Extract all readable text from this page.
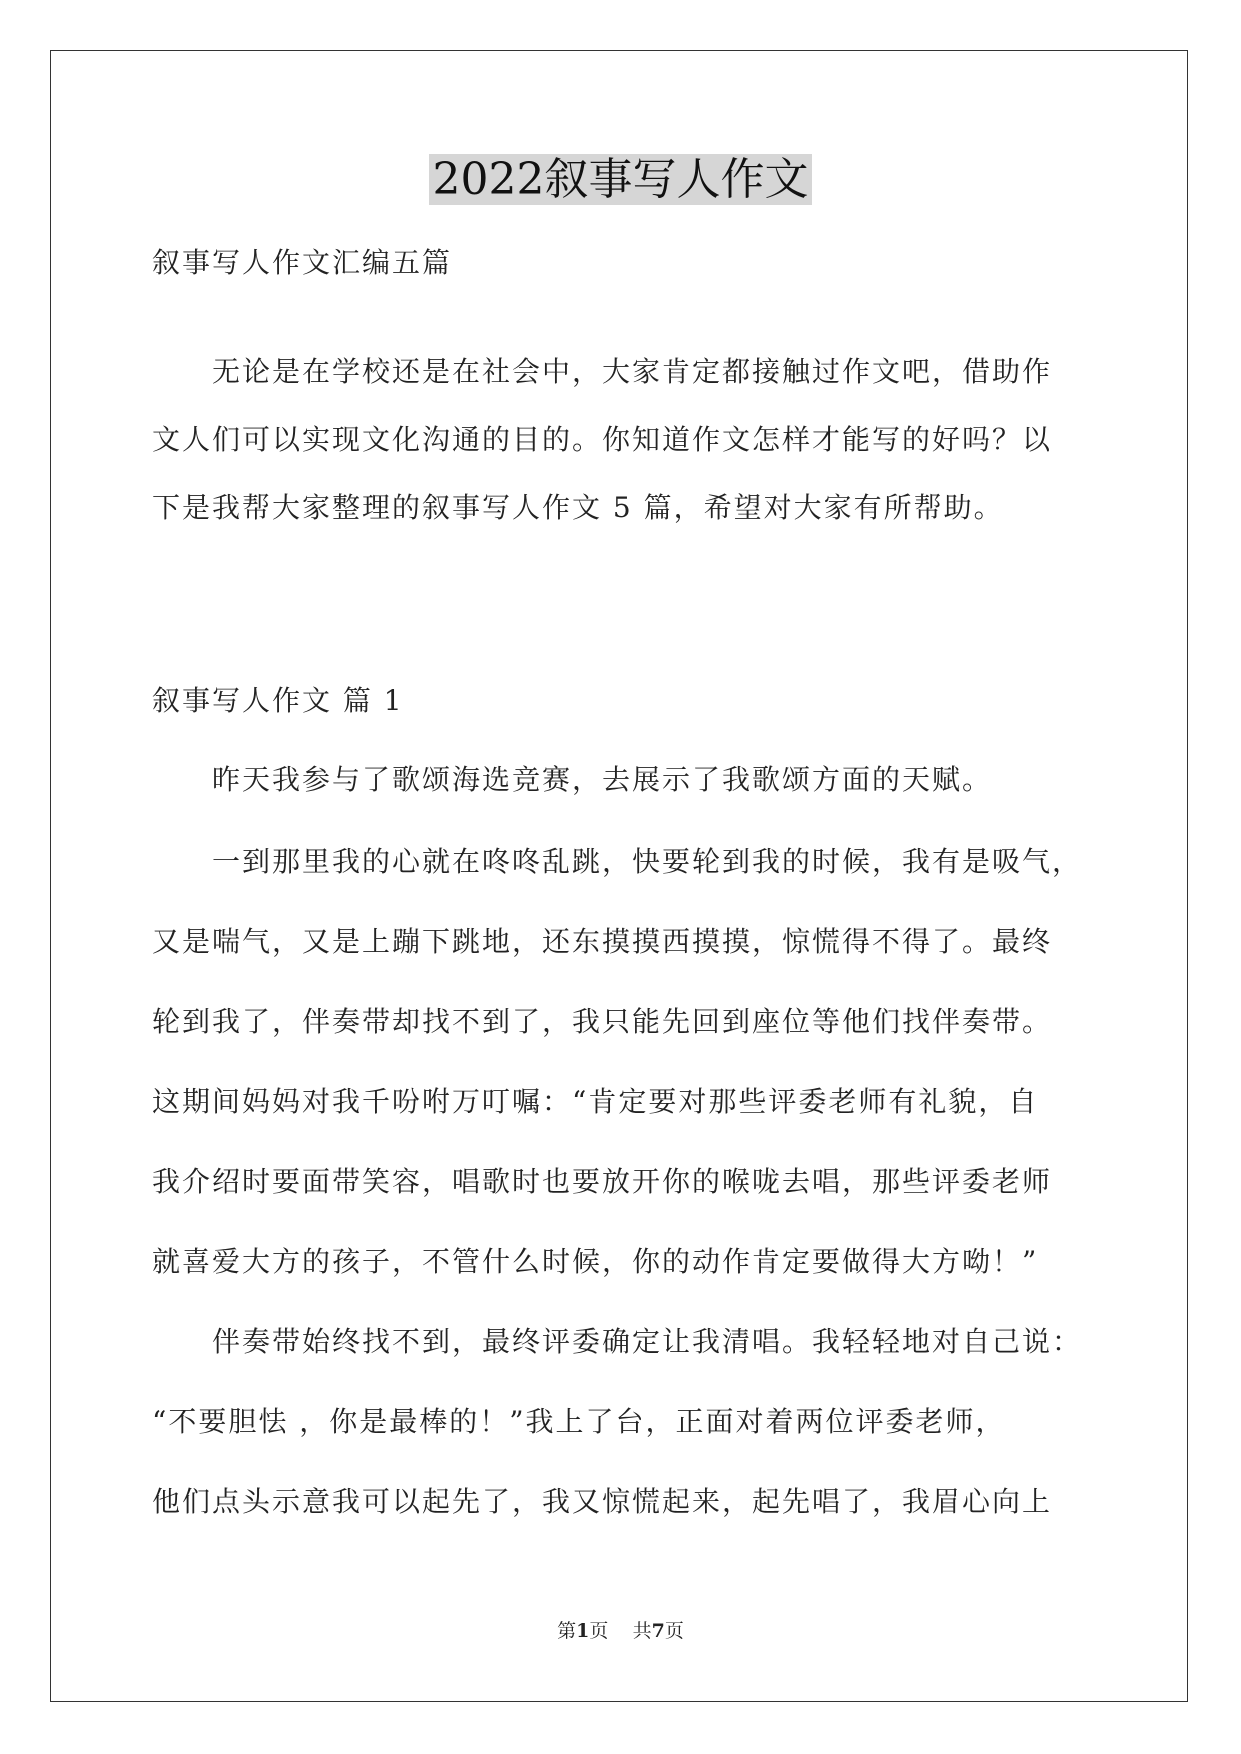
2022叙事写人作文
叙事写人作文汇编五篇
无论是在学校还是在社会中，大家肯定都接触过作文吧，借助作
文人们可以实现文化沟通的目的。你知道作文怎样才能写的好吗？以
下是我帮大家整理的叙事写人作文 5 篇，希望对大家有所帮助。
叙事写人作文 篇 1
昨天我参与了歌颂海选竞赛，去展示了我歌颂方面的天赋。
一到那里我的心就在咚咚乱跳，快要轮到我的时候，我有是吸气，
又是喘气，又是上蹦下跳地，还东摸摸西摸摸，惊慌得不得了。最终
轮到我了，伴奏带却找不到了，我只能先回到座位等他们找伴奏带。
这期间妈妈对我千吩咐万叮嘱：“肯定要对那些评委老师有礼貌，自
我介绍时要面带笑容，唱歌时也要放开你的喉咙去唱，那些评委老师
就喜爱大方的孩子，不管什么时候，你的动作肯定要做得大方呦！”
伴奏带始终找不到，最终评委确定让我清唱。我轻轻地对自己说：
“不要胆怯 ，你是最棒的！”我上了台，正面对着两位评委老师，
他们点头示意我可以起先了，我又惊慌起来，起先唱了，我眉心向上
第1页 共7页
